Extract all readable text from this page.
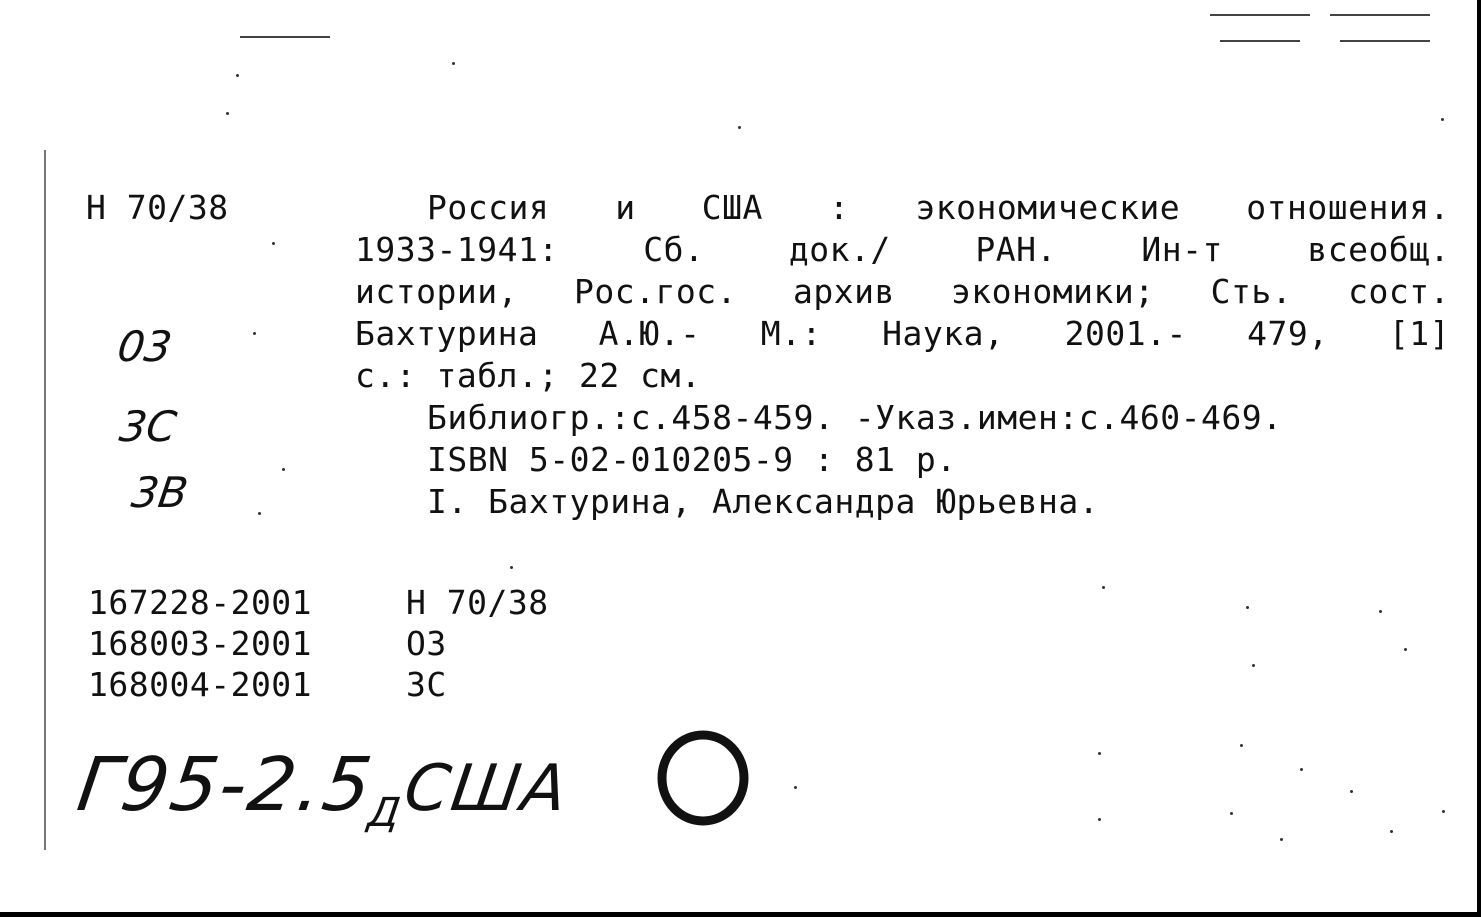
Н 70/38	Россия и США : экономические отношения.
1933-1941:	Сб.	док./	РАН.	Ин-т	всеобщ.
истории, Рос.гос. архив экономики; Сть. сост.
Бахтурина А.Ю.- М.: Наука, 2001.- 479, [1]
с.: табл.; 22 см.
Библиогр.:с.458-459. -Указ.имен:с.460-469.
ISBN 5-02-010205-9 : 81 р.
I. Бахтурина, Александра Юрьевна.
03
3С
3В
167228-2001	Н 70/38
168003-2001	ОЗ
168004-2001	ЗС
$Г95-2.5_ДСША$
